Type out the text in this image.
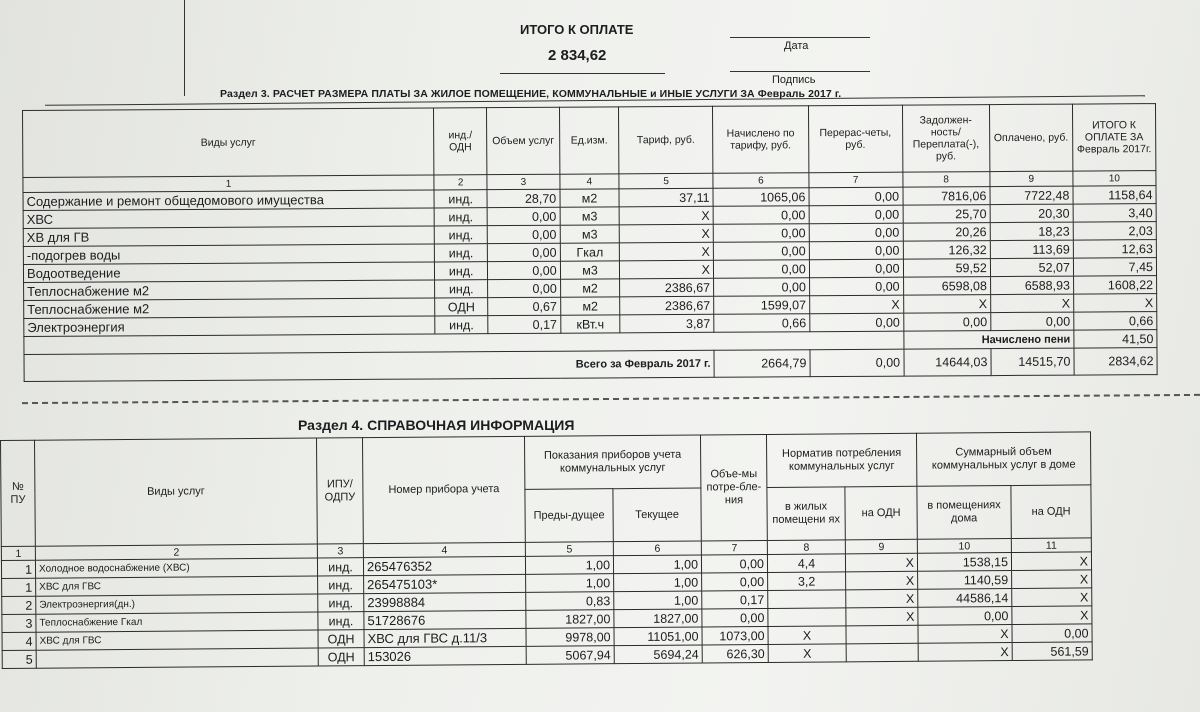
ИТОГО К ОПЛАТЕ
2 834,62
Дата
Подпись
Раздел 3. РАСЧЕТ РАЗМЕРА ПЛАТЫ ЗА ЖИЛОЕ ПОМЕЩЕНИЕ, КОММУНАЛЬНЫЕ и ИНЫЕ УСЛУГИ ЗА Февраль 2017 г.
Виды услуг	инд./ ОДН	Объем услуг	Ед.изм.	Тариф, руб.	Начислено по тарифу, руб.	Перерас-четы, руб.	Задолжен-ность/ Переплата(-), руб.	Оплачено, руб.	ИТОГО К ОПЛАТЕ ЗА Февраль 2017г.
1	2	3	4	5	6	7	8	9	10
Содержание и ремонт общедомового имущества	инд.	28,70	м2	37,11	1065,06	0,00	7816,06	7722,48	1158,64
ХВС	инд.	0,00	м3	Х	0,00	0,00	25,70	20,30	3,40
ХВ для ГВ	инд.	0,00	м3	Х	0,00	0,00	20,26	18,23	2,03
-подогрев воды	инд.	0,00	Гкал	Х	0,00	0,00	126,32	113,69	12,63
Водоотведение	инд.	0,00	м3	Х	0,00	0,00	59,52	52,07	7,45
Теплоснабжение м2	инд.	0,00	м2	2386,67	0,00	0,00	6598,08	6588,93	1608,22
Теплоснабжение м2	ОДН	0,67	м2	2386,67	1599,07	Х	Х	Х	Х
Электроэнергия	инд.	0,17	кВт.ч	3,87	0,66	0,00	0,00	0,00	0,66
							Начислено пени		41,50
Всего за Февраль 2017 г.					2664,79	0,00	14644,03	14515,70	2834,62
Раздел 4. СПРАВОЧНАЯ ИНФОРМАЦИЯ
№ ПУ	Виды услуг	ИПУ/ ОДПУ	Номер прибора учета	Показания приборов учета коммунальных услуг		Объе-мы потре-бле-ния	Норматив потребления коммунальных услуг		Суммарный объем коммунальных услуг в доме	
				Преды-дущее	Текущее		в жилых помещени ях	на ОДН	в помещениях дома	на ОДН
1	2	3	4	5	6	7	8	9	10	11
1	Холодное водоснабжение (ХВС)	инд.	265476352	1,00	1,00	0,00	4,4	Х	1538,15	Х
1	ХВС для ГВС	инд.	265475103*	1,00	1,00	0,00	3,2	Х	1140,59	Х
2	Электроэнергия(дн.)	инд.	23998884	0,83	1,00	0,17		Х	44586,14	Х
3	Теплоснабжение Гкал	инд.	51728676	1827,00	1827,00	0,00		Х	0,00	Х
4	ХВС для ГВС	ОДН	ХВС для ГВС д.11/3	9978,00	11051,00	1073,00	Х		Х	0,00
5		ОДН	153026	5067,94	5694,24	626,30	Х		Х	561,59
